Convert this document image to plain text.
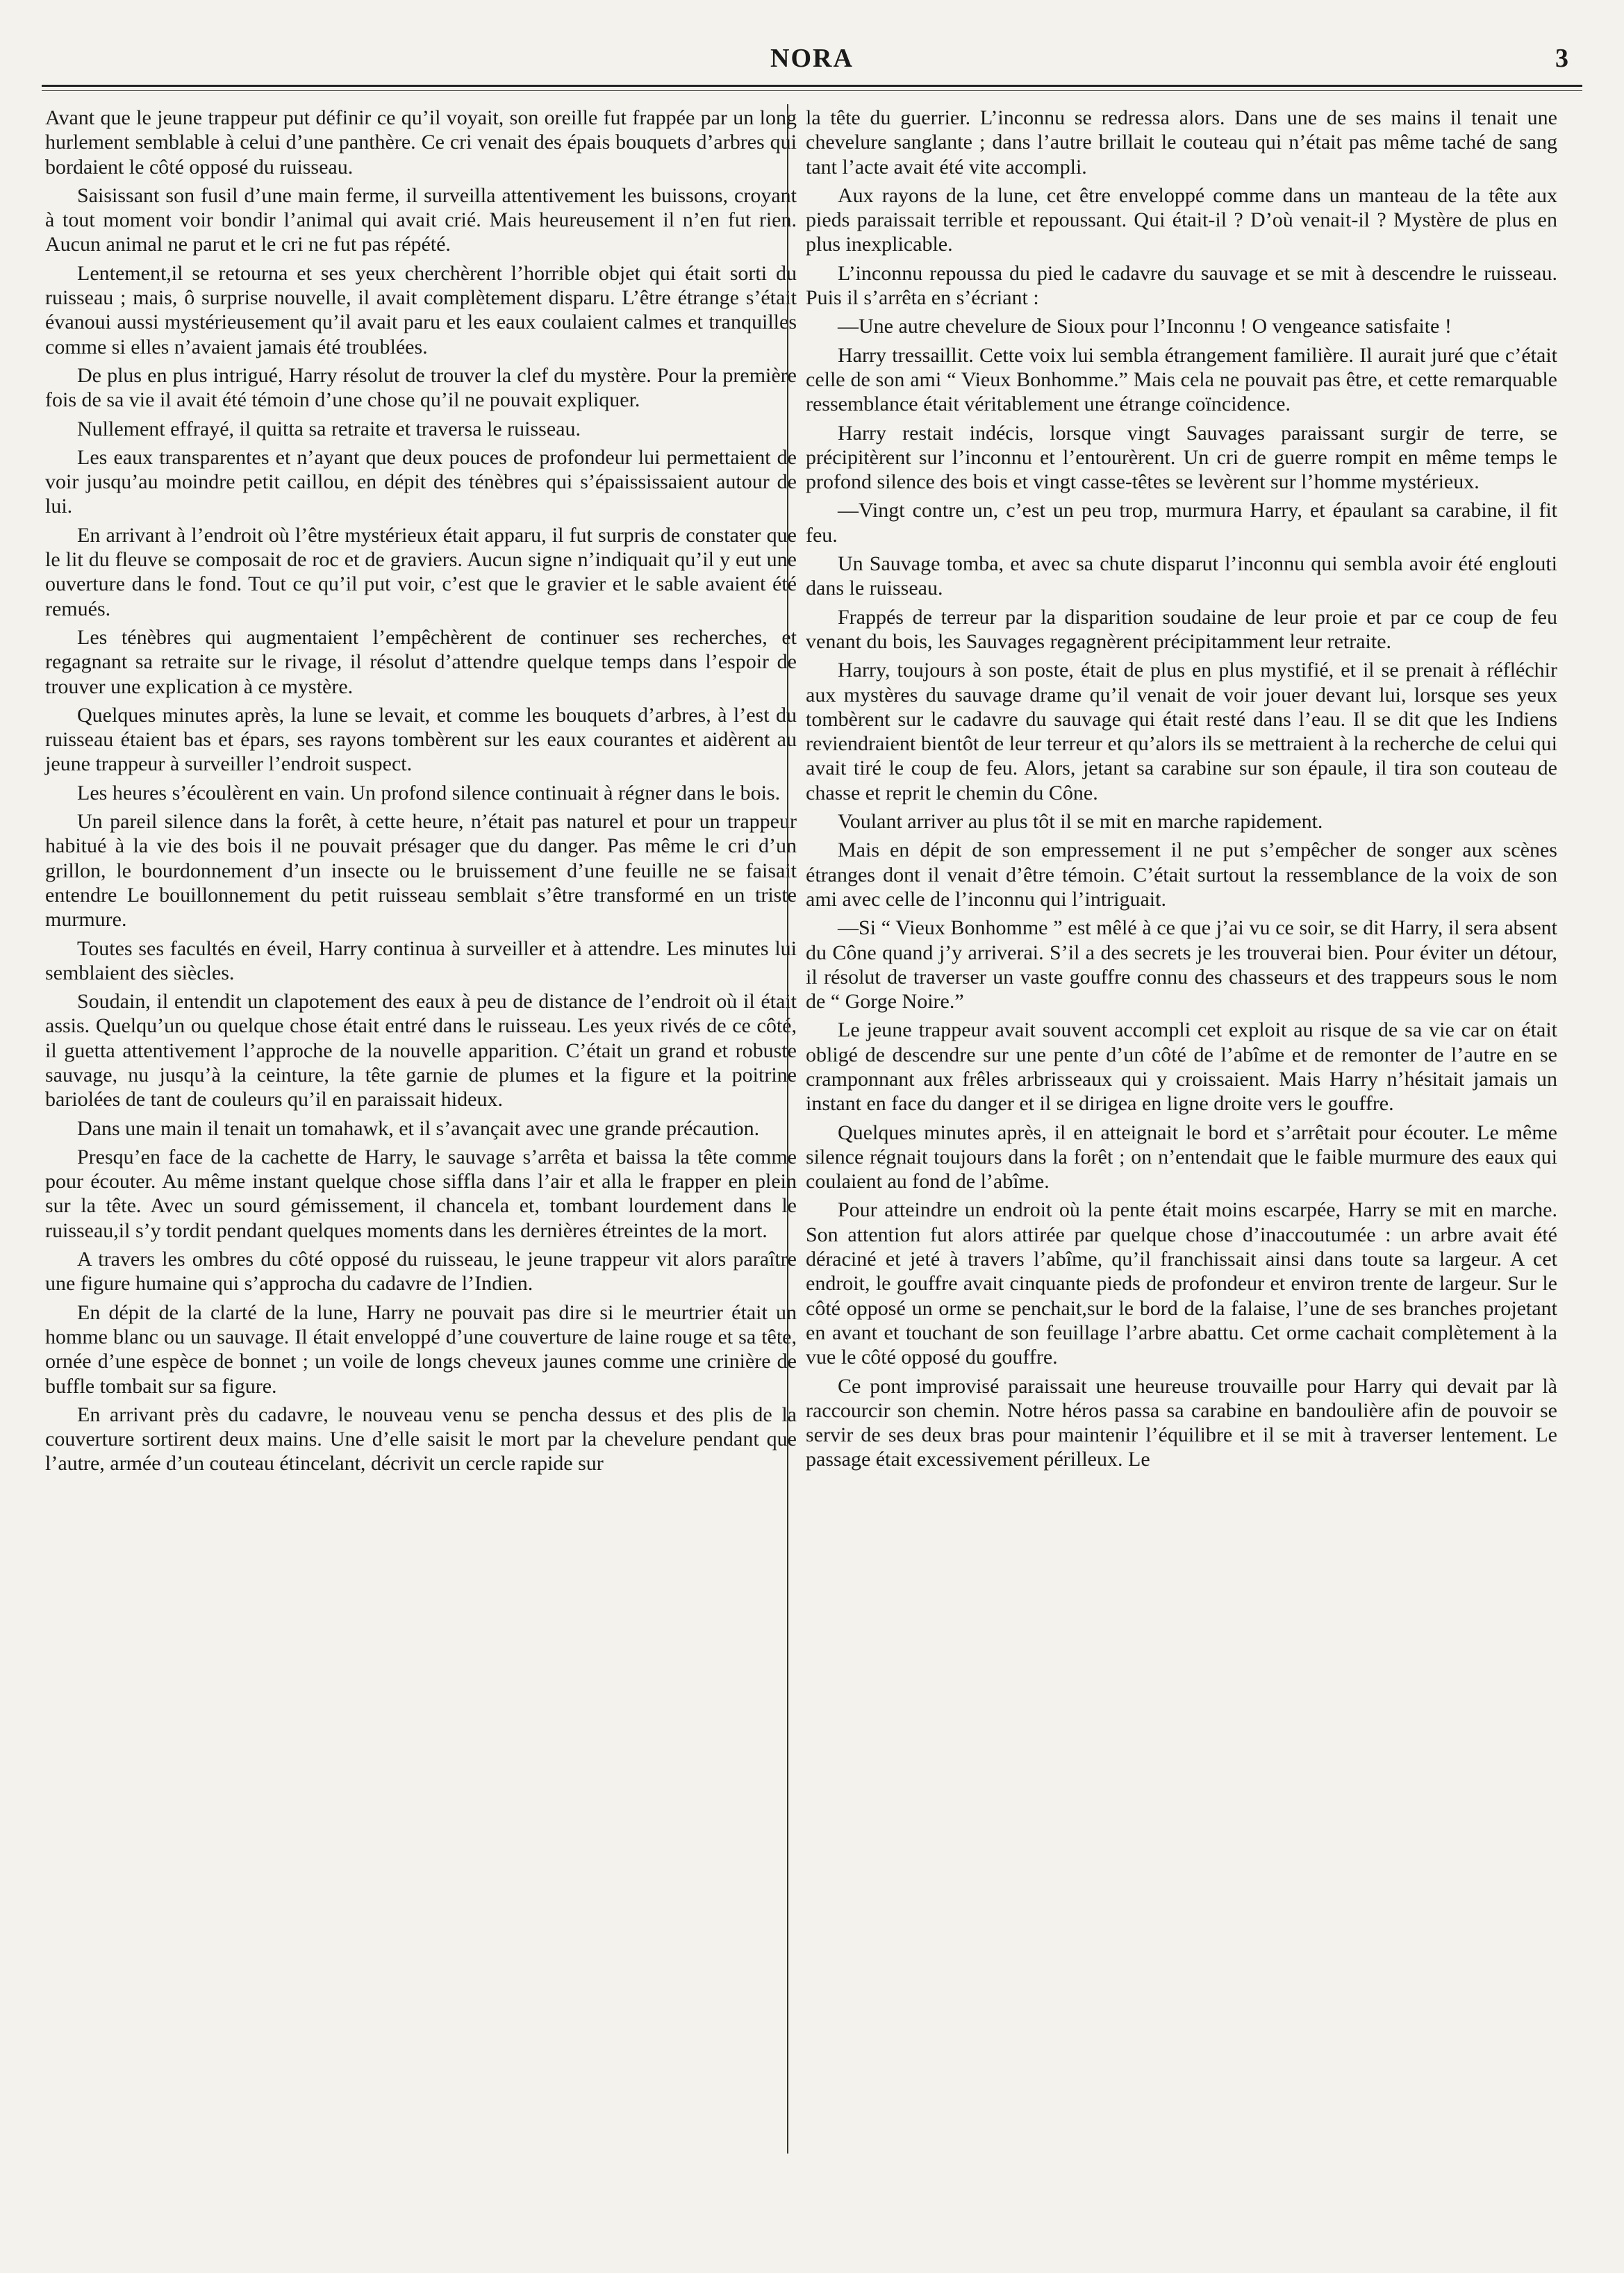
NORA	3

Avant que le jeune trappeur put définir ce qu’il voyait, son oreille fut frappée par un long hurlement semblable à celui d’une panthère. Ce cri venait des épais bouquets d’arbres qui bordaient le côté opposé du ruisseau.

Saisissant son fusil d’une main ferme, il surveilla attentivement les buissons, croyant à tout moment voir bondir l’animal qui avait crié. Mais heureusement il n’en fut rien. Aucun animal ne parut et le cri ne fut pas répété.

Lentement,il se retourna et ses yeux cherchèrent l’horrible objet qui était sorti du ruisseau ; mais, ô surprise nouvelle, il avait complètement disparu. L’être étrange s’était évanoui aussi mystérieusement qu’il avait paru et les eaux coulaient calmes et tranquilles comme si elles n’avaient jamais été troublées.

De plus en plus intrigué, Harry résolut de trouver la clef du mystère. Pour la première fois de sa vie il avait été témoin d’une chose qu’il ne pouvait expliquer.

Nullement effrayé, il quitta sa retraite et traversa le ruisseau.

Les eaux transparentes et n’ayant que deux pouces de profondeur lui permettaient de voir jusqu’au moindre petit caillou, en dépit des ténèbres qui s’épaississaient autour de lui.

En arrivant à l’endroit où l’être mystérieux était apparu, il fut surpris de constater que le lit du fleuve se composait de roc et de graviers. Aucun signe n’indiquait qu’il y eut une ouverture dans le fond. Tout ce qu’il put voir, c’est que le gravier et le sable avaient été remués.

Les ténèbres qui augmentaient l’empêchèrent de continuer ses recherches, et regagnant sa retraite sur le rivage, il résolut d’attendre quelque temps dans l’espoir de trouver une explication à ce mystère.

Quelques minutes après, la lune se levait, et comme les bouquets d’arbres, à l’est du ruisseau étaient bas et épars, ses rayons tombèrent sur les eaux courantes et aidèrent au jeune trappeur à surveiller l’endroit suspect.

Les heures s’écoulèrent en vain. Un profond silence continuait à régner dans le bois.

Un pareil silence dans la forêt, à cette heure, n’était pas naturel et pour un trappeur habitué à la vie des bois il ne pouvait présager que du danger. Pas même le cri d’un grillon, le bourdonnement d’un insecte ou le bruissement d’une feuille ne se faisait entendre Le bouillonnement du petit ruisseau semblait s’être transformé en un triste murmure.

Toutes ses facultés en éveil, Harry continua à surveiller et à attendre. Les minutes lui semblaient des siècles.

Soudain, il entendit un clapotement des eaux à peu de distance de l’endroit où il était assis. Quelqu’un ou quelque chose était entré dans le ruisseau. Les yeux rivés de ce côté, il guetta attentivement l’approche de la nouvelle apparition. C’était un grand et robuste sauvage, nu jusqu’à la ceinture, la tête garnie de plumes et la figure et la poitrine bariolées de tant de couleurs qu’il en paraissait hideux.

Dans une main il tenait un tomahawk, et il s’avançait avec une grande précaution.

Presqu’en face de la cachette de Harry, le sauvage s’arrêta et baissa la tête comme pour écouter. Au même instant quelque chose siffla dans l’air et alla le frapper en plein sur la tête. Avec un sourd gémissement, il chancela et, tombant lourdement dans le ruisseau,il s’y tordit pendant quelques moments dans les dernières étreintes de la mort.

A travers les ombres du côté opposé du ruisseau, le jeune trappeur vit alors paraître une figure humaine qui s’approcha du cadavre de l’Indien.

En dépit de la clarté de la lune, Harry ne pouvait pas dire si le meurtrier était un homme blanc ou un sauvage. Il était enveloppé d’une couverture de laine rouge et sa tête, ornée d’une espèce de bonnet ; un voile de longs cheveux jaunes comme une crinière de buffle tombait sur sa figure.

En arrivant près du cadavre, le nouveau venu se pencha dessus et des plis de la couverture sortirent deux mains. Une d’elle saisit le mort par la chevelure pendant que l’autre, armée d’un couteau étincelant, décrivit un cercle rapide sur

la tête du guerrier. L’inconnu se redressa alors. Dans une de ses mains il tenait une chevelure sanglante ; dans l’autre brillait le couteau qui n’était pas même taché de sang tant l’acte avait été vite accompli.

Aux rayons de la lune, cet être enveloppé comme dans un manteau de la tête aux pieds paraissait terrible et repoussant. Qui était-il ? D’où venait-il ? Mystère de plus en plus inexplicable.

L’inconnu repoussa du pied le cadavre du sauvage et se mit à descendre le ruisseau. Puis il s’arrêta en s’écriant :

—Une autre chevelure de Sioux pour l’Inconnu ! O vengeance satisfaite !

Harry tressaillit. Cette voix lui sembla étrangement familière. Il aurait juré que c’était celle de son ami “ Vieux Bonhomme.” Mais cela ne pouvait pas être, et cette remarquable ressemblance était véritablement une étrange coïncidence.

Harry restait indécis, lorsque vingt Sauvages paraissant surgir de terre, se précipitèrent sur l’inconnu et l’entourèrent. Un cri de guerre rompit en même temps le profond silence des bois et vingt casse-têtes se levèrent sur l’homme mystérieux.

—Vingt contre un, c’est un peu trop, murmura Harry, et épaulant sa carabine, il fit feu.

Un Sauvage tomba, et avec sa chute disparut l’inconnu qui sembla avoir été englouti dans le ruisseau.

Frappés de terreur par la disparition soudaine de leur proie et par ce coup de feu venant du bois, les Sauvages regagnèrent précipitamment leur retraite.

Harry, toujours à son poste, était de plus en plus mystifié, et il se prenait à réfléchir aux mystères du sauvage drame qu’il venait de voir jouer devant lui, lorsque ses yeux tombèrent sur le cadavre du sauvage qui était resté dans l’eau. Il se dit que les Indiens reviendraient bientôt de leur terreur et qu’alors ils se mettraient à la recherche de celui qui avait tiré le coup de feu. Alors, jetant sa carabine sur son épaule, il tira son couteau de chasse et reprit le chemin du Cône.

Voulant arriver au plus tôt il se mit en marche rapidement.

Mais en dépit de son empressement il ne put s’empêcher de songer aux scènes étranges dont il venait d’être témoin. C’était surtout la ressemblance de la voix de son ami avec celle de l’inconnu qui l’intriguait.

—Si “ Vieux Bonhomme ” est mêlé à ce que j’ai vu ce soir, se dit Harry, il sera absent du Cône quand j’y arriverai. S’il a des secrets je les trouverai bien. Pour éviter un détour, il résolut de traverser un vaste gouffre connu des chasseurs et des trappeurs sous le nom de “ Gorge Noire.”

Le jeune trappeur avait souvent accompli cet exploit au risque de sa vie car on était obligé de descendre sur une pente d’un côté de l’abîme et de remonter de l’autre en se cramponnant aux frêles arbrisseaux qui y croissaient. Mais Harry n’hésitait jamais un instant en face du danger et il se dirigea en ligne droite vers le gouffre.

Quelques minutes après, il en atteignait le bord et s’arrêtait pour écouter. Le même silence régnait toujours dans la forêt ; on n’entendait que le faible murmure des eaux qui coulaient au fond de l’abîme.

Pour atteindre un endroit où la pente était moins escarpée, Harry se mit en marche. Son attention fut alors attirée par quelque chose d’inaccoutumée : un arbre avait été déraciné et jeté à travers l’abîme, qu’il franchissait ainsi dans toute sa largeur. A cet endroit, le gouffre avait cinquante pieds de profondeur et environ trente de largeur. Sur le côté opposé un orme se penchait,sur le bord de la falaise, l’une de ses branches projetant en avant et touchant de son feuillage l’arbre abattu. Cet orme cachait complètement à la vue le côté opposé du gouffre.

Ce pont improvisé paraissait une heureuse trouvaille pour Harry qui devait par là raccourcir son chemin. Notre héros passa sa carabine en bandoulière afin de pouvoir se servir de ses deux bras pour maintenir l’équilibre et il se mit à traverser lentement. Le passage était excessivement périlleux. Le
